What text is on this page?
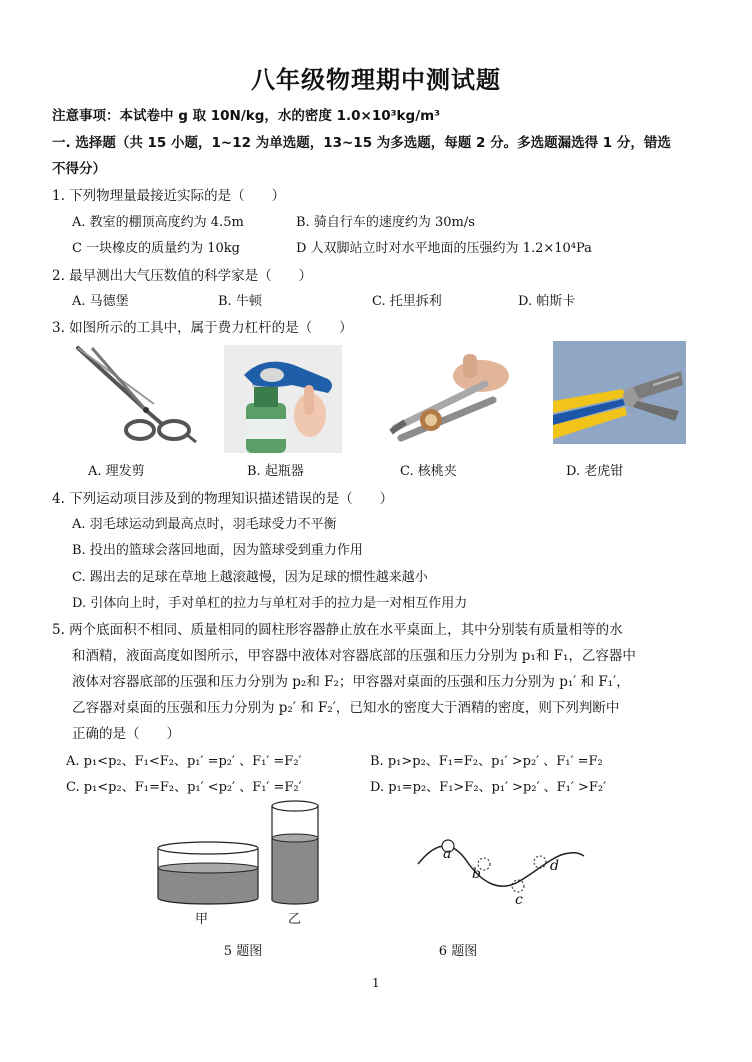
八年级物理期中测试题
注意事项：本试卷中 g 取 10N/kg，水的密度 1.0×10³kg/m³
一. 选择题（共 15 小题，1~12 为单选题，13~15 为多选题，每题 2 分。多选题漏选得 1 分，错选
不得分）
1. 下列物理量最接近实际的是（　　）
A. 教室的棚顶高度约为 4.5m	B. 骑自行车的速度约为 30m/s
C 一块橡皮的质量约为 10kg	D 人双脚站立时对水平地面的压强约为 1.2×10⁴Pa
2. 最早测出大气压数值的科学家是（　　）
A. 马德堡	B. 牛顿	C. 托里拆利	D. 帕斯卡
3. 如图所示的工具中，属于费力杠杆的是（　　）
A. 理发剪	B. 起瓶器	C. 核桃夹	D. 老虎钳
4. 下列运动项目涉及到的物理知识描述错误的是（　　）
A. 羽毛球运动到最高点时，羽毛球受力不平衡
B. 投出的篮球会落回地面，因为篮球受到重力作用
C. 踢出去的足球在草地上越滚越慢，因为足球的惯性越来越小
D. 引体向上时，手对单杠的拉力与单杠对手的拉力是一对相互作用力
5. 两个底面积不相同、质量相同的圆柱形容器静止放在水平桌面上，其中分别装有质量相等的水
和酒精，液面高度如图所示，甲容器中液体对容器底部的压强和压力分别为 p₁和 F₁，乙容器中
液体对容器底部的压强和压力分别为 p₂和 F₂；甲容器对桌面的压强和压力分别为 p₁′ 和 F₁′，
乙容器对桌面的压强和压力分别为 p₂′ 和 F₂′，已知水的密度大于酒精的密度，则下列判断中
正确的是（　　）
A. p₁<p₂、F₁<F₂、p₁′ =p₂′ 、F₁′ =F₂′	B. p₁>p₂、F₁=F₂、p₁′ >p₂′ 、F₁′ =F₂
C. p₁<p₂、F₁=F₂、p₁′ <p₂′ 、F₁′ =F₂′	D. p₁=p₂、F₁>F₂、p₁′ >p₂′ 、F₁′ >F₂′
甲	乙
5 题图
a
b
c
d
6 题图
1
